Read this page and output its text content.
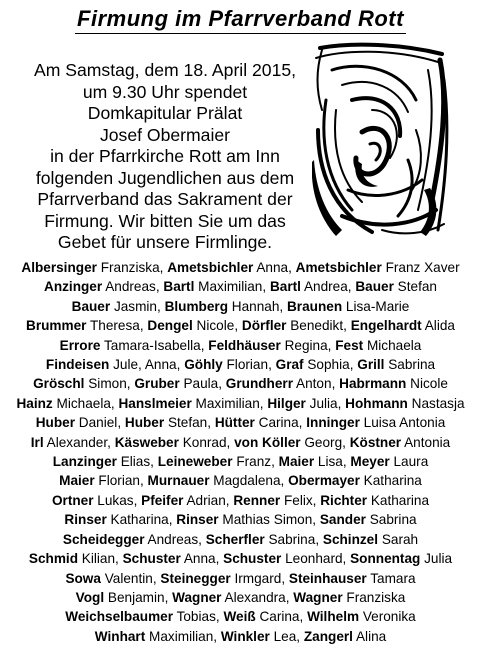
Firmung im Pfarrverband Rott
Am Samstag, dem 18. April 2015,
um 9.30 Uhr spendet
Domkapitular Prälat
Josef Obermaier
in der Pfarrkirche Rott am Inn
folgenden Jugendlichen aus dem
Pfarrverband das Sakrament der
Firmung. Wir bitten Sie um das
Gebet für unsere Firmlinge.
Albersinger Franziska, Ametsbichler Anna, Ametsbichler Franz Xaver
Anzinger Andreas, Bartl Maximilian, Bartl Andrea, Bauer Stefan
Bauer Jasmin, Blumberg Hannah, Braunen Lisa-Marie
Brummer Theresa, Dengel Nicole, Dörfler Benedikt, Engelhardt Alida
Errore Tamara-Isabella, Feldhäuser Regina, Fest Michaela
Findeisen Jule, Anna, Göhly Florian, Graf Sophia, Grill Sabrina
Gröschl Simon, Gruber Paula, Grundherr Anton, Habrmann Nicole
Hainz Michaela, Hanslmeier Maximilian, Hilger Julia, Hohmann Nastasja
Huber Daniel, Huber Stefan, Hütter Carina, Inninger Luisa Antonia
Irl Alexander, Käsweber Konrad, von Köller Georg, Köstner Antonia
Lanzinger Elias, Leineweber Franz, Maier Lisa, Meyer Laura
Maier Florian, Murnauer Magdalena, Obermayer Katharina
Ortner Lukas, Pfeifer Adrian, Renner Felix, Richter Katharina
Rinser Katharina, Rinser Mathias Simon, Sander Sabrina
Scheidegger Andreas, Scherfler Sabrina, Schinzel Sarah
Schmid Kilian, Schuster Anna, Schuster Leonhard, Sonnentag Julia
Sowa Valentin, Steinegger Irmgard, Steinhauser Tamara
Vogl Benjamin, Wagner Alexandra, Wagner Franziska
Weichselbaumer Tobias, Weiß Carina, Wilhelm Veronika
Winhart Maximilian, Winkler Lea, Zangerl Alina
